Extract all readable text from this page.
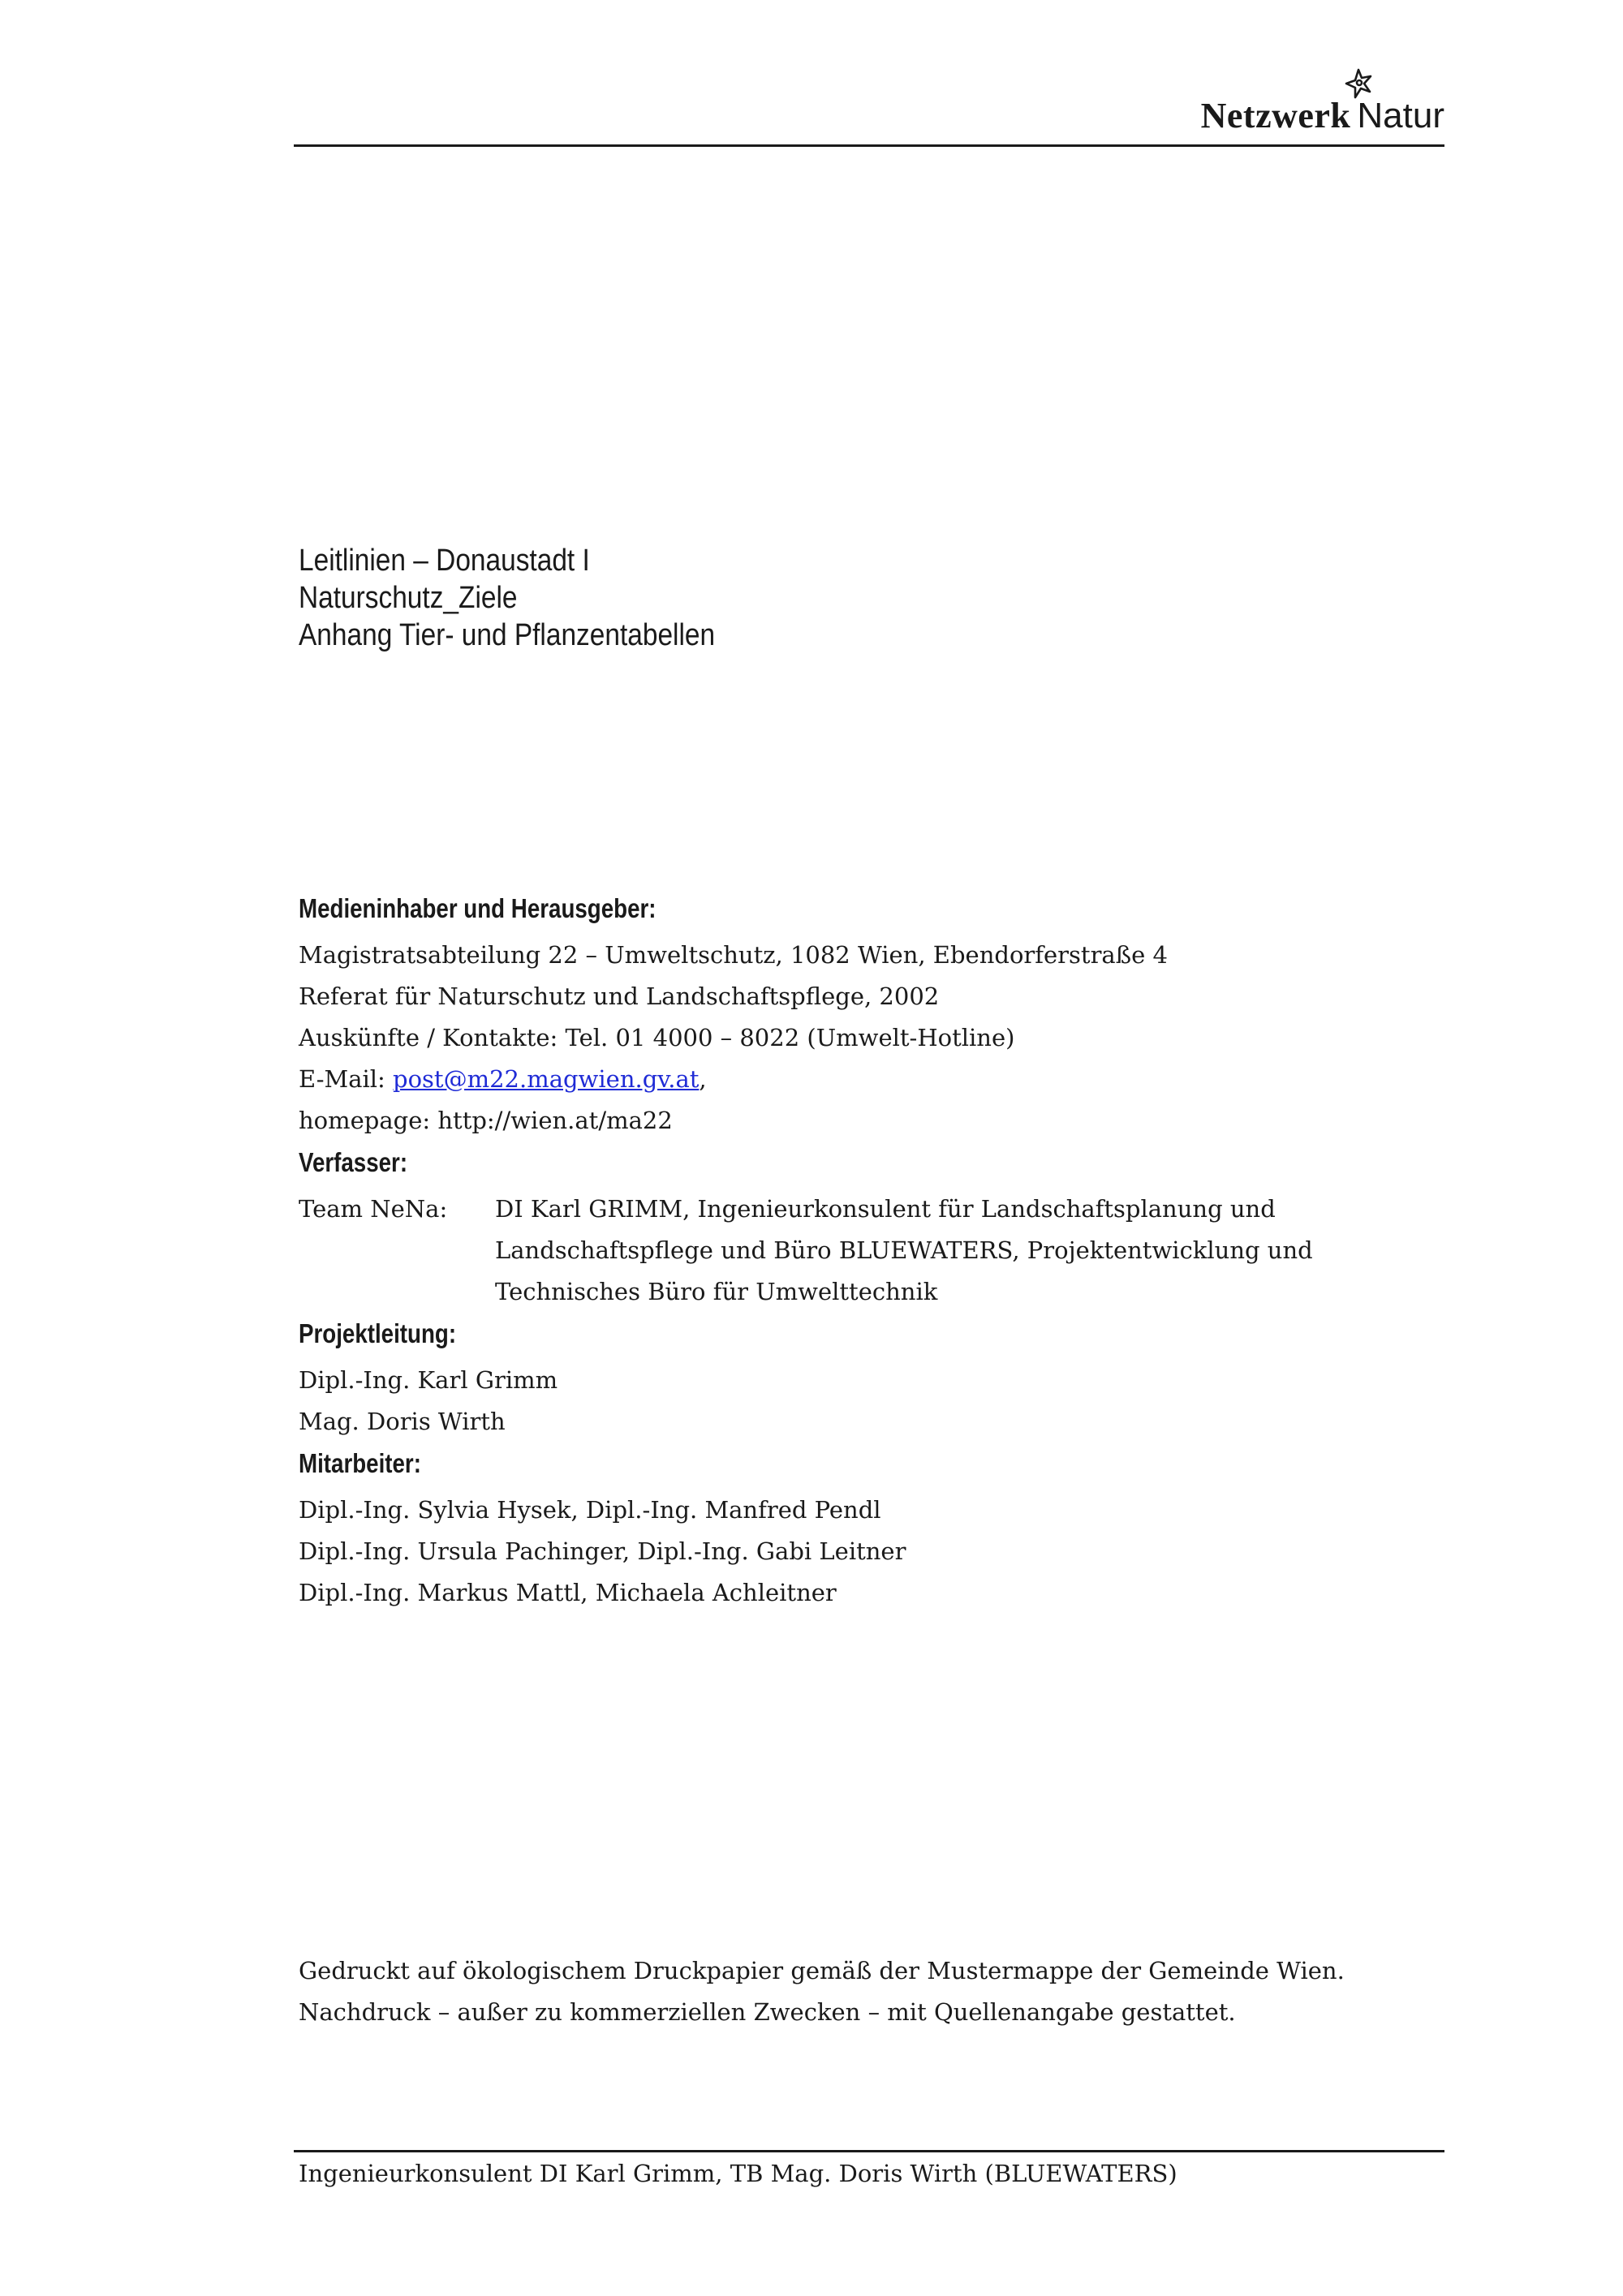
Netzwerk Natur
Leitlinien – Donaustadt I
Naturschutz_Ziele
Anhang Tier- und Pflanzentabellen

Medieninhaber und Herausgeber:

Magistratsabteilung 22 – Umweltschutz, 1082 Wien, Ebendorferstraße 4

Referat für Naturschutz und Landschaftspflege, 2002

Auskünfte / Kontakte: Tel. 01 4000 – 8022 (Umwelt-Hotline)

E-Mail: post@m22.magwien.gv.at,

homepage: http://wien.at/ma22

Verfasser:

Team NeNa:	DI Karl GRIMM, Ingenieurkonsulent für Landschaftsplanung und
Landschaftspflege und Büro BLUEWATERS, Projektentwicklung und
Technisches Büro für Umwelttechnik

Projektleitung:

Dipl.-Ing. Karl Grimm

Mag. Doris Wirth

Mitarbeiter:

Dipl.-Ing. Sylvia Hysek, Dipl.-Ing. Manfred Pendl

Dipl.-Ing. Ursula Pachinger, Dipl.-Ing. Gabi Leitner

Dipl.-Ing. Markus Mattl, Michaela Achleitner

Gedruckt auf ökologischem Druckpapier gemäß der Mustermappe der Gemeinde Wien.

Nachdruck – außer zu kommerziellen Zwecken – mit Quellenangabe gestattet.

Ingenieurkonsulent DI Karl Grimm, TB Mag. Doris Wirth (BLUEWATERS)
